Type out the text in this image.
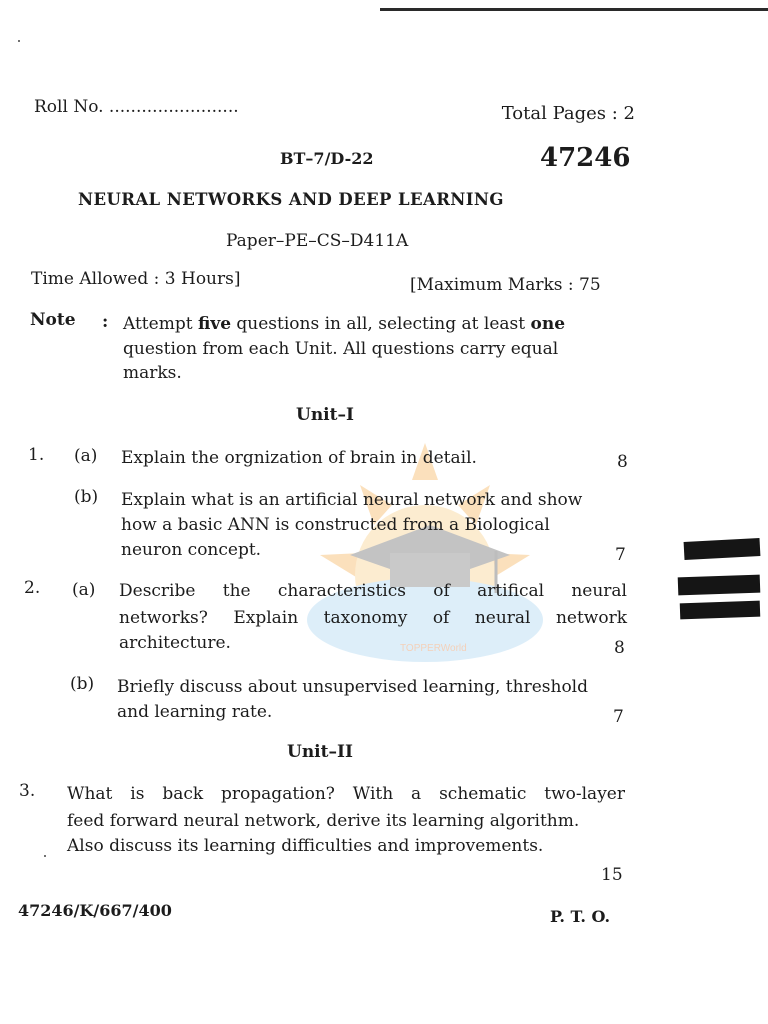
TOPPERWorld
Roll No. ........................	Total Pages : 2
BT–7/D-22	47246
NEURAL NETWORKS AND DEEP LEARNING
Paper–PE–CS–D411A
Time Allowed : 3 Hours]	[Maximum Marks : 75
Note : Attempt five questions in all, selecting at least one
question from each Unit. All questions carry equal
marks.
Unit–I
1. (a) Explain the orgnization of brain in detail.	8
(b) Explain what is an artificial neural network and show
how a basic ANN is constructed from a Biological
neuron concept.	7
2. (a) Describe the characteristics of artifical neural
networks? Explain taxonomy of neural network
architecture.	8
(b) Briefly discuss about unsupervised learning, threshold
and learning rate.	7
Unit–II
3. What is back propagation? With a schematic two-layer
feed forward neural network, derive its learning algorithm.
Also discuss its learning difficulties and improvements.
15
47246/K/667/400	P. T. O.
